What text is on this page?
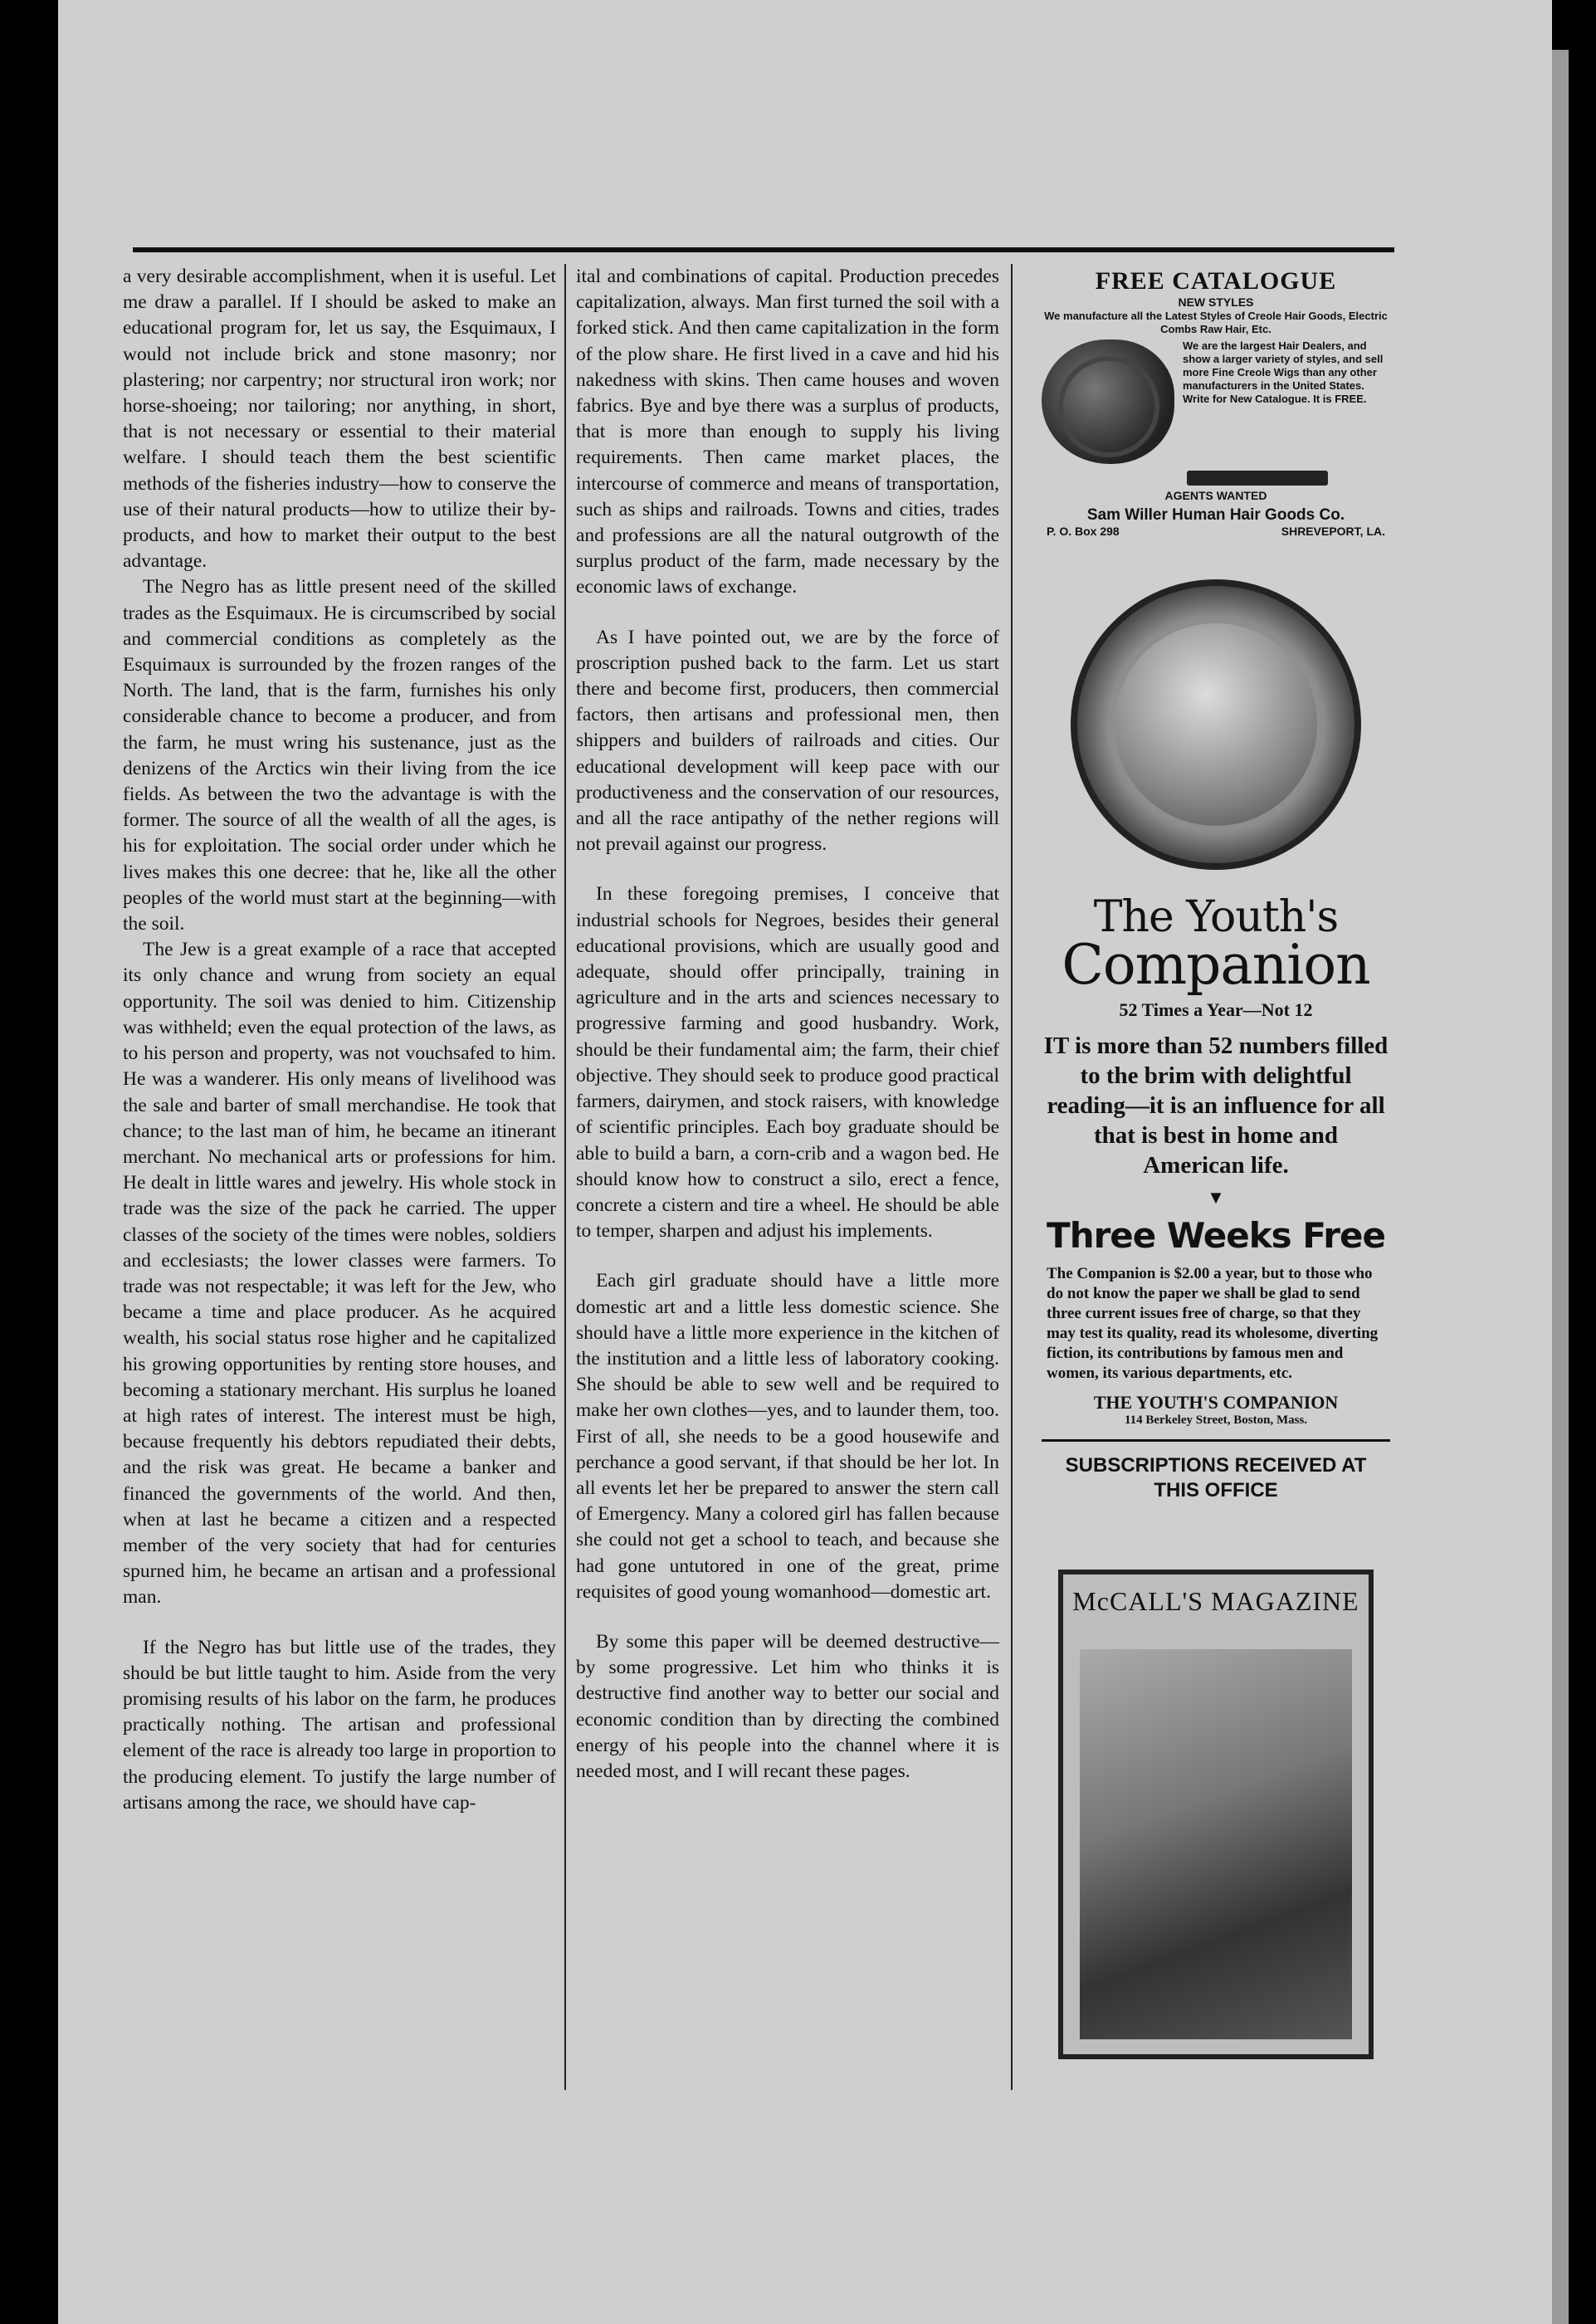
a very desirable accomplishment, when it is useful. Let me draw a parallel. If I should be asked to make an educational program for, let us say, the Esquimaux, I would not include brick and stone masonry; nor plastering; nor carpentry; nor structural iron work; nor horse-shoeing; nor tailoring; nor anything, in short, that is not necessary or essential to their material welfare. I should teach them the best scientific methods of the fisheries industry—how to conserve the use of their natural products—how to utilize their by-products, and how to market their output to the best advantage.

The Negro has as little present need of the skilled trades as the Esquimaux. He is circumscribed by social and commercial conditions as completely as the Esquimaux is surrounded by the frozen ranges of the North. The land, that is the farm, furnishes his only considerable chance to become a producer, and from the farm, he must wring his sustenance, just as the denizens of the Arctics win their living from the ice fields. As between the two the advantage is with the former. The source of all the wealth of all the ages, is his for exploitation. The social order under which he lives makes this one decree: that he, like all the other peoples of the world must start at the beginning—with the soil.

The Jew is a great example of a race that accepted its only chance and wrung from society an equal opportunity. The soil was denied to him. Citizenship was withheld; even the equal protection of the laws, as to his person and property, was not vouchsafed to him. He was a wanderer. His only means of livelihood was the sale and barter of small merchandise. He took that chance; to the last man of him, he became an itinerant merchant. No mechanical arts or professions for him. He dealt in little wares and jewelry. His whole stock in trade was the size of the pack he carried. The upper classes of the society of the times were nobles, soldiers and ecclesiasts; the lower classes were farmers. To trade was not respectable; it was left for the Jew, who became a time and place producer. As he acquired wealth, his social status rose higher and he capitalized his growing opportunities by renting store houses, and becoming a stationary merchant. His surplus he loaned at high rates of interest. The interest must be high, because frequently his debtors repudiated their debts, and the risk was great. He became a banker and financed the governments of the world. And then, when at last he became a citizen and a respected member of the very society that had for centuries spurned him, he became an artisan and a professional man.

If the Negro has but little use of the trades, they should be but little taught to him. Aside from the very promising results of his labor on the farm, he produces practically nothing. The artisan and professional element of the race is already too large in proportion to the producing element. To justify the large number of artisans among the race, we should have cap-

ital and combinations of capital. Production precedes capitalization, always. Man first turned the soil with a forked stick. And then came capitalization in the form of the plow share. He first lived in a cave and hid his nakedness with skins. Then came houses and woven fabrics. Bye and bye there was a surplus of products, that is more than enough to supply his living requirements. Then came market places, the intercourse of commerce and means of transportation, such as ships and railroads. Towns and cities, trades and professions are all the natural outgrowth of the surplus product of the farm, made necessary by the economic laws of exchange.

As I have pointed out, we are by the force of proscription pushed back to the farm. Let us start there and become first, producers, then commercial factors, then artisans and professional men, then shippers and builders of railroads and cities. Our educational development will keep pace with our productiveness and the conservation of our resources, and all the race antipathy of the nether regions will not prevail against our progress.

In these foregoing premises, I conceive that industrial schools for Negroes, besides their general educational provisions, which are usually good and adequate, should offer principally, training in agriculture and in the arts and sciences necessary to progressive farming and good husbandry. Work, should be their fundamental aim; the farm, their chief objective. They should seek to produce good practical farmers, dairymen, and stock raisers, with knowledge of scientific principles. Each boy graduate should be able to build a barn, a corn-crib and a wagon bed. He should know how to construct a silo, erect a fence, concrete a cistern and tire a wheel. He should be able to temper, sharpen and adjust his implements.

Each girl graduate should have a little more domestic art and a little less domestic science. She should have a little more experience in the kitchen of the institution and a little less of laboratory cooking. She should be able to sew well and be required to make her own clothes—yes, and to launder them, too. First of all, she needs to be a good housewife and perchance a good servant, if that should be her lot. In all events let her be prepared to answer the stern call of Emergency. Many a colored girl has fallen because she could not get a school to teach, and because she had gone untutored in one of the great, prime requisites of good young womanhood—domestic art.

By some this paper will be deemed destructive—by some progressive. Let him who thinks it is destructive find another way to better our social and economic condition than by directing the combined energy of his people into the channel where it is needed most, and I will recant these pages.

FREE CATALOGUE
NEW STYLES
We manufacture all the Latest Styles of Creole Hair Goods, Electric Combs Raw Hair, Etc.
We are the largest Hair Dealers, and show a larger variety of styles, and sell more Fine Creole Wigs than any other manufacturers in the United States. Write for New Catalogue. It is FREE.
AGENTS WANTED
Sam Willer Human Hair Goods Co.
P. O. Box 298	SHREVEPORT, LA.
The Youth's
Companion
52 Times a Year—Not 12
IT is more than 52 numbers filled to the brim with delightful reading—it is an influence for all that is best in home and American life.
▼
Three Weeks Free
The Companion is $2.00 a year, but to those who do not know the paper we shall be glad to send three current issues free of charge, so that they may test its quality, read its wholesome, diverting fiction, its contributions by famous men and women, its various departments, etc.
THE YOUTH'S COMPANION
114 Berkeley Street, Boston, Mass.
SUBSCRIPTIONS RECEIVED AT THIS OFFICE
McCALL'S MAGAZINE
